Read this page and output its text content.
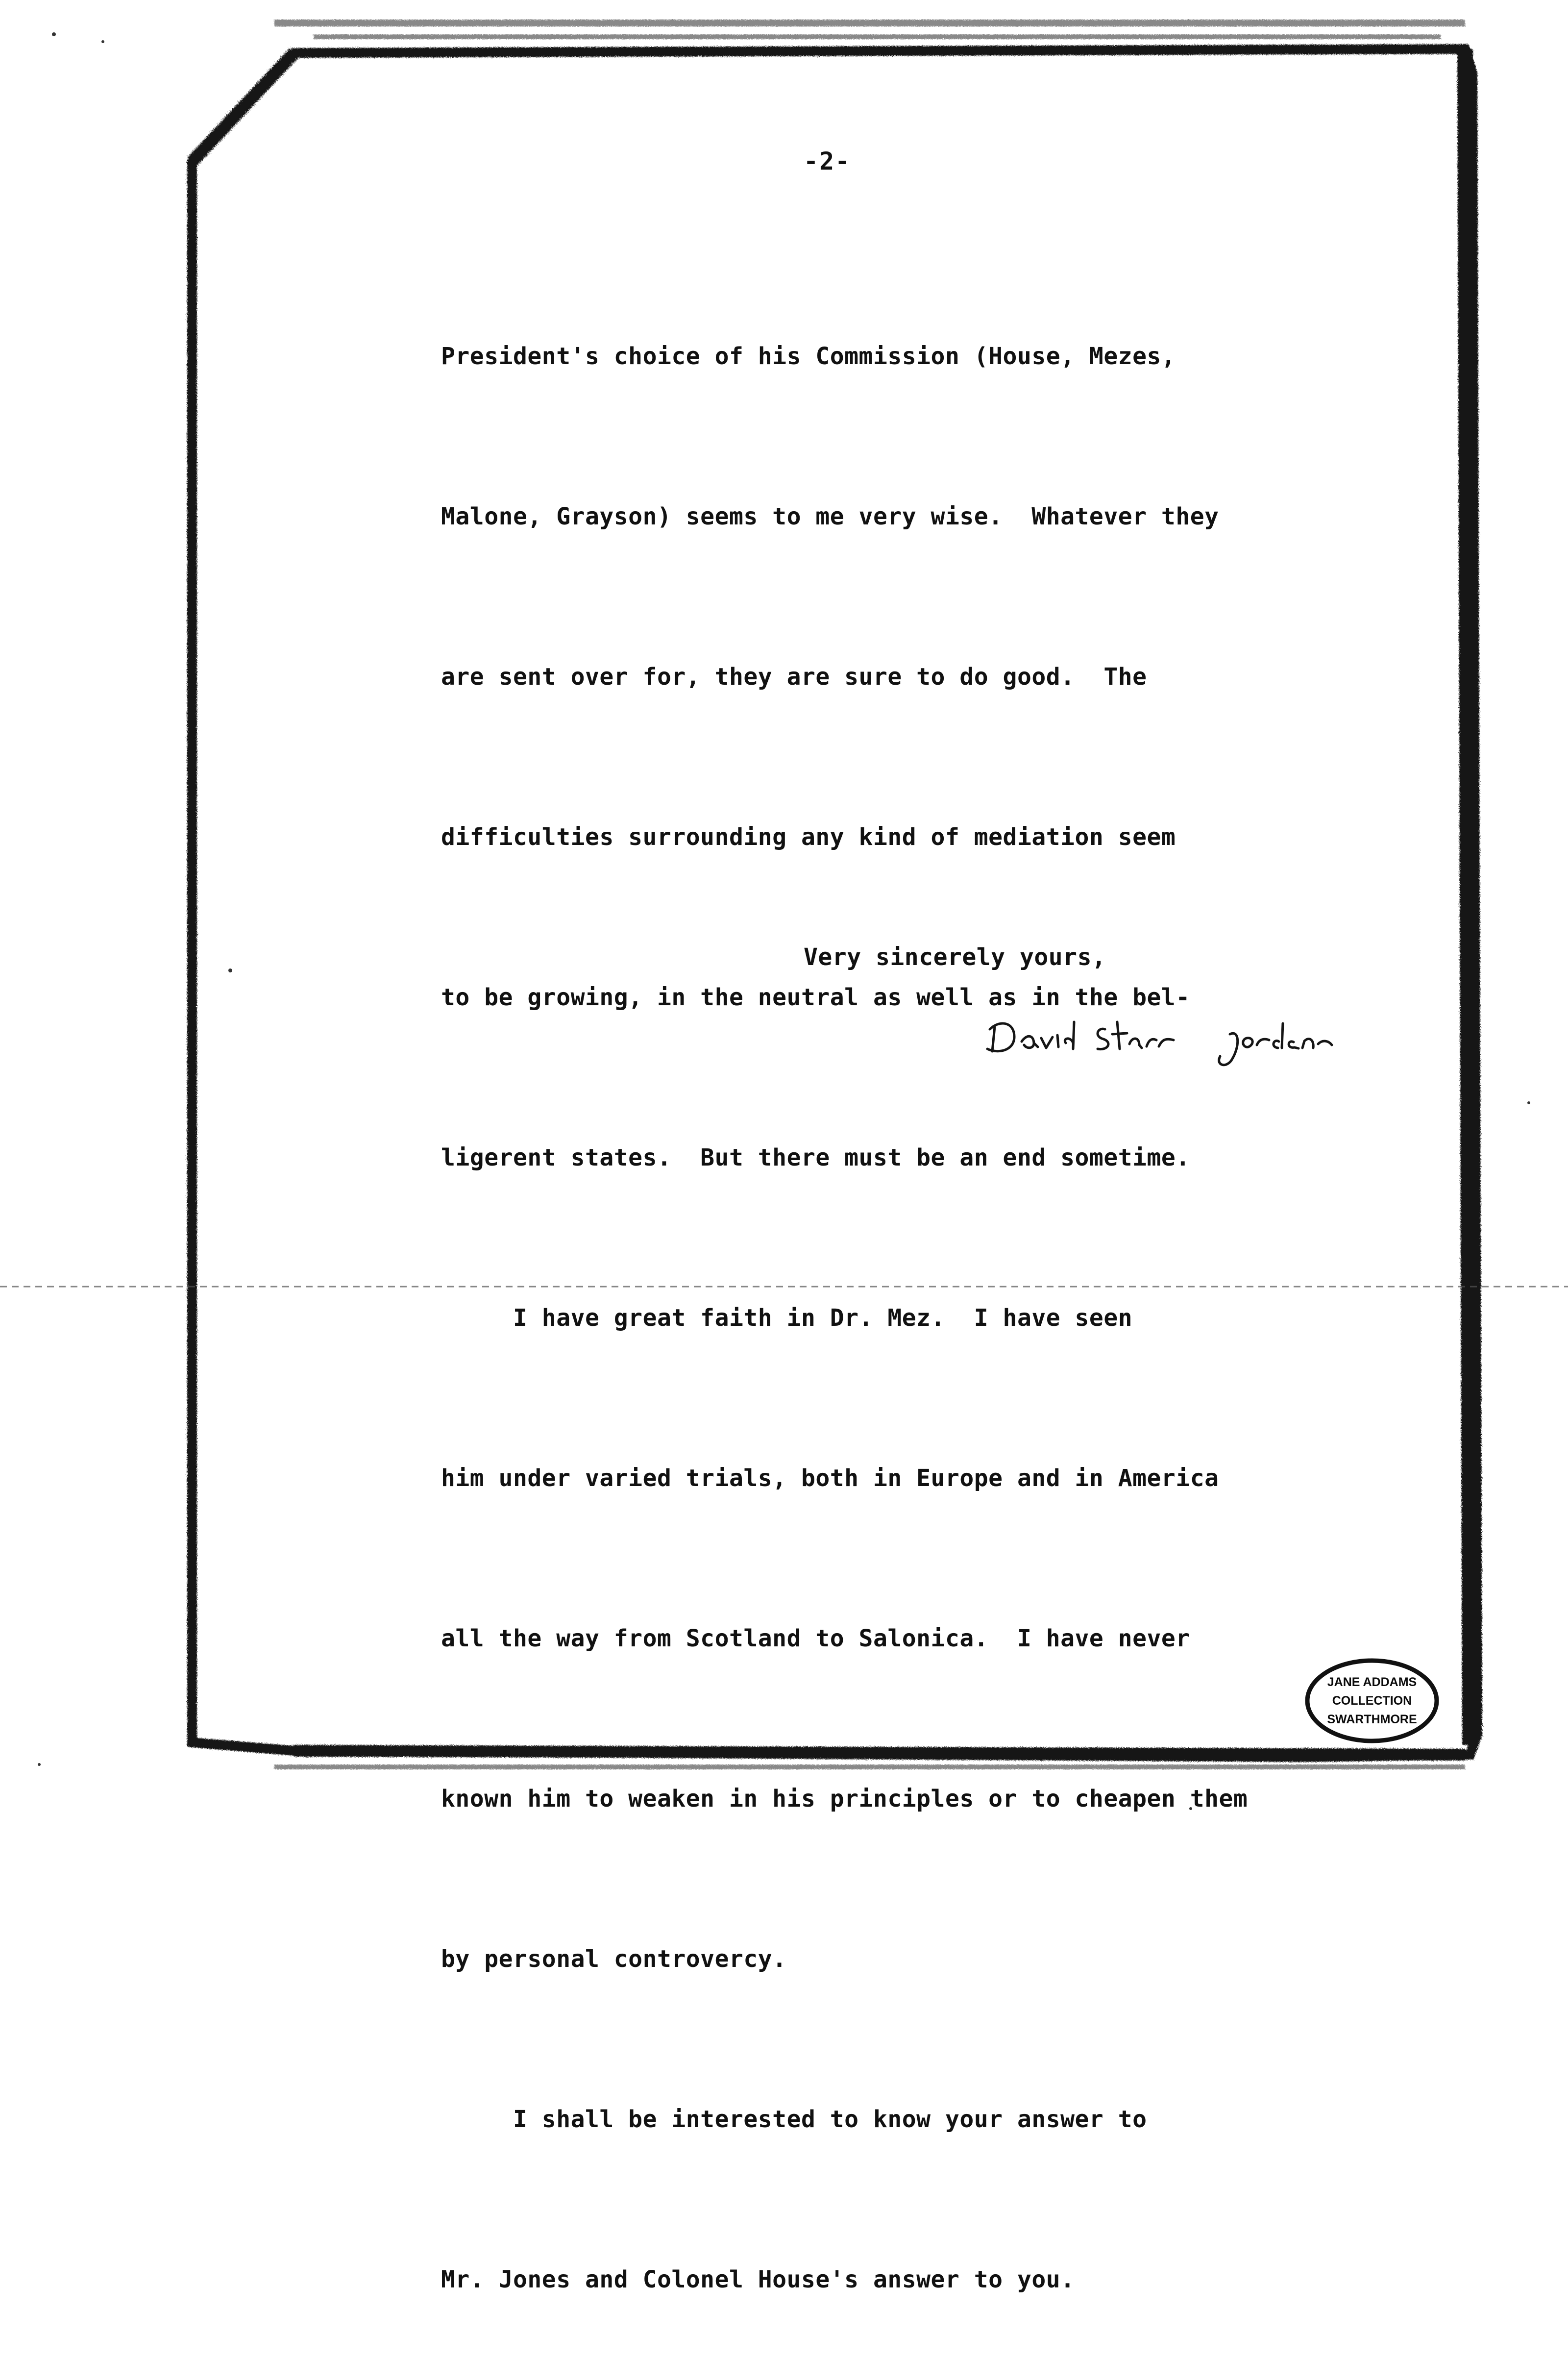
-2-

President's choice of his Commission (House, Mezes,

Malone, Grayson) seems to me very wise.  Whatever they

are sent over for, they are sure to do good.  The

difficulties surrounding any kind of mediation seem

to be growing, in the neutral as well as in the bel-

ligerent states.  But there must be an end sometime.

I have great faith in Dr. Mez.  I have seen

him under varied trials, both in Europe and in America

all the way from Scotland to Salonica.  I have never

known him to weaken in his principles or to cheapen them

by personal controvercy.

I shall be interested to know your answer to

Mr. Jones and Colonel House's answer to you.

Very sincerely yours,
JANE ADDAMS
COLLECTION
SWARTHMORE
